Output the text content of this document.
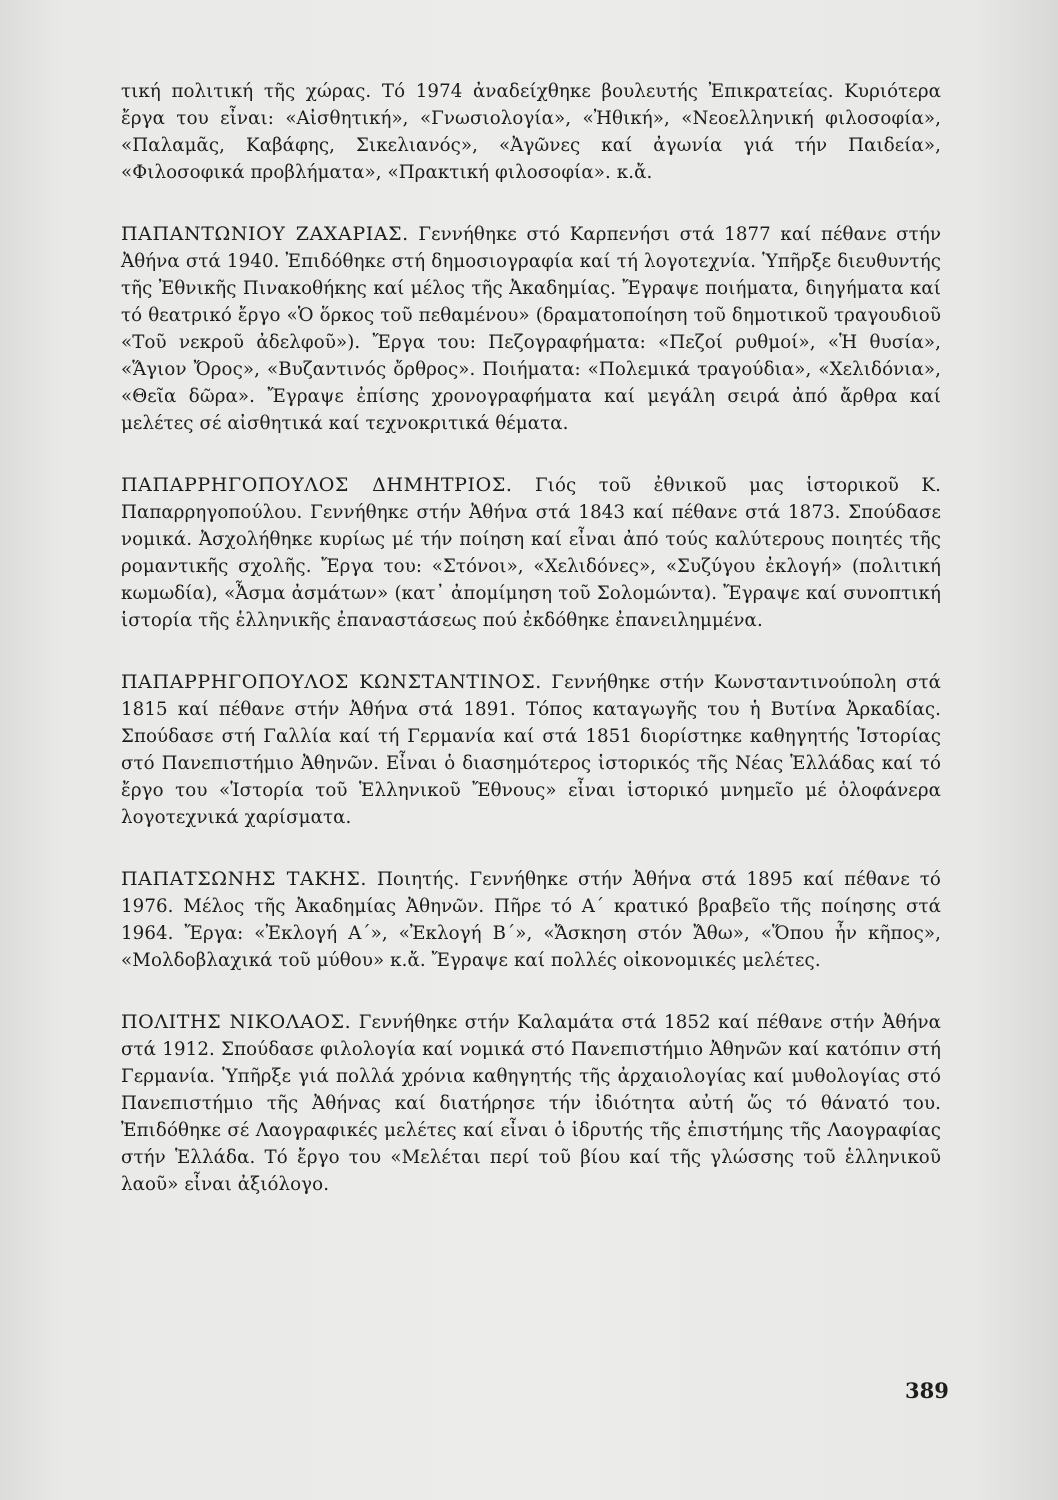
τική πολιτική τῆς χώρας. Τό 1974 ἀναδείχθηκε βουλευτής Ἐπικρατείας. Κυριότερα ἔργα του εἶναι: «Αἰσθητική», «Γνωσιολογία», «Ἠθική», «Νεοελληνική φιλοσοφία», «Παλαμᾶς, Καβάφης, Σικελιανός», «Ἀγῶνες καί ἀγωνία γιά τήν Παιδεία», «Φιλοσοφικά προβλήματα», «Πρακτική φιλοσοφία». κ.ἄ.

ΠΑΠΑΝΤΩΝΙΟΥ ΖΑΧΑΡΙΑΣ. Γεννήθηκε στό Καρπενήσι στά 1877 καί πέθανε στήν Ἀθήνα στά 1940. Ἐπιδόθηκε στή δημοσιογραφία καί τή λογοτεχνία. Ὑπῆρξε διευθυντής τῆς Ἐθνικῆς Πινακοθήκης καί μέλος τῆς Ἀκαδημίας. Ἔγραψε ποιήματα, διηγήματα καί τό θεατρικό ἔργο «Ὁ ὅρκος τοῦ πεθαμένου» (δραματοποίηση τοῦ δημοτικοῦ τραγουδιοῦ «Τοῦ νεκροῦ ἀδελφοῦ»). Ἔργα του: Πεζογραφήματα: «Πεζοί ρυθμοί», «Ἡ θυσία», «Ἅγιον Ὄρος», «Βυζαντινός ὄρθρος». Ποιήματα: «Πολεμικά τραγούδια», «Χελιδόνια», «Θεῖα δῶρα». Ἔγραψε ἐπίσης χρονογραφήματα καί μεγάλη σειρά ἀπό ἄρθρα καί μελέτες σέ αἰσθητικά καί τεχνοκριτικά θέματα.

ΠΑΠΑΡΡΗΓΟΠΟΥΛΟΣ ΔΗΜΗΤΡΙΟΣ. Γιός τοῦ ἐθνικοῦ μας ἱστορικοῦ Κ. Παπαρρηγοπούλου. Γεννήθηκε στήν Ἀθήνα στά 1843 καί πέθανε στά 1873. Σπούδασε νομικά. Ἀσχολήθηκε κυρίως μέ τήν ποίηση καί εἶναι ἀπό τούς καλύτερους ποιητές τῆς ρομαντικῆς σχολῆς. Ἔργα του: «Στόνοι», «Χελιδόνες», «Συζύγου ἐκλογή» (πολιτική κωμωδία), «Ἆσμα ἀσμάτων» (κατ᾽ ἀπομίμηση τοῦ Σολομώντα). Ἔγραψε καί συνοπτική ἱστορία τῆς ἑλληνικῆς ἐπαναστάσεως πού ἐκδόθηκε ἐπανειλημμένα.

ΠΑΠΑΡΡΗΓΟΠΟΥΛΟΣ ΚΩΝΣΤΑΝΤΙΝΟΣ. Γεννήθηκε στήν Κωνσταντινούπολη στά 1815 καί πέθανε στήν Ἀθήνα στά 1891. Τόπος καταγωγῆς του ἡ Βυτίνα Ἀρκαδίας. Σπούδασε στή Γαλλία καί τή Γερμανία καί στά 1851 διορίστηκε καθηγητής Ἱστορίας στό Πανεπιστήμιο Ἀθηνῶν. Εἶναι ὁ διασημότερος ἱστορικός τῆς Νέας Ἑλλάδας καί τό ἔργο του «Ἱστορία τοῦ Ἑλληνικοῦ Ἔθνους» εἶναι ἱστορικό μνημεῖο μέ ὁλοφάνερα λογοτεχνικά χαρίσματα.

ΠΑΠΑΤΣΩΝΗΣ ΤΑΚΗΣ. Ποιητής. Γεννήθηκε στήν Ἀθήνα στά 1895 καί πέθανε τό 1976. Μέλος τῆς Ἀκαδημίας Ἀθηνῶν. Πῆρε τό Α΄ κρατικό βραβεῖο τῆς ποίησης στά 1964. Ἔργα: «Ἐκλογή Α΄», «Ἐκλογή Β΄», «Ἄσκηση στόν Ἄθω», «Ὅπου ἦν κῆπος», «Μολδοβλαχικά τοῦ μύθου» κ.ἄ. Ἔγραψε καί πολλές οἰκονομικές μελέτες.

ΠΟΛΙΤΗΣ ΝΙΚΟΛΑΟΣ. Γεννήθηκε στήν Καλαμάτα στά 1852 καί πέθανε στήν Ἀθήνα στά 1912. Σπούδασε φιλολογία καί νομικά στό Πανεπιστήμιο Ἀθηνῶν καί κατόπιν στή Γερμανία. Ὑπῆρξε γιά πολλά χρόνια καθηγητής τῆς ἀρχαιολογίας καί μυθολογίας στό Πανεπιστήμιο τῆς Ἀθήνας καί διατήρησε τήν ἰδιότητα αὐτή ὥς τό θάνατό του. Ἐπιδόθηκε σέ Λαογραφικές μελέτες καί εἶναι ὁ ἱδρυτής τῆς ἐπιστήμης τῆς Λαογραφίας στήν Ἑλλάδα. Τό ἔργο του «Μελέται περί τοῦ βίου καί τῆς γλώσσης τοῦ ἑλληνικοῦ λαοῦ» εἶναι ἀξιόλογο.

389
